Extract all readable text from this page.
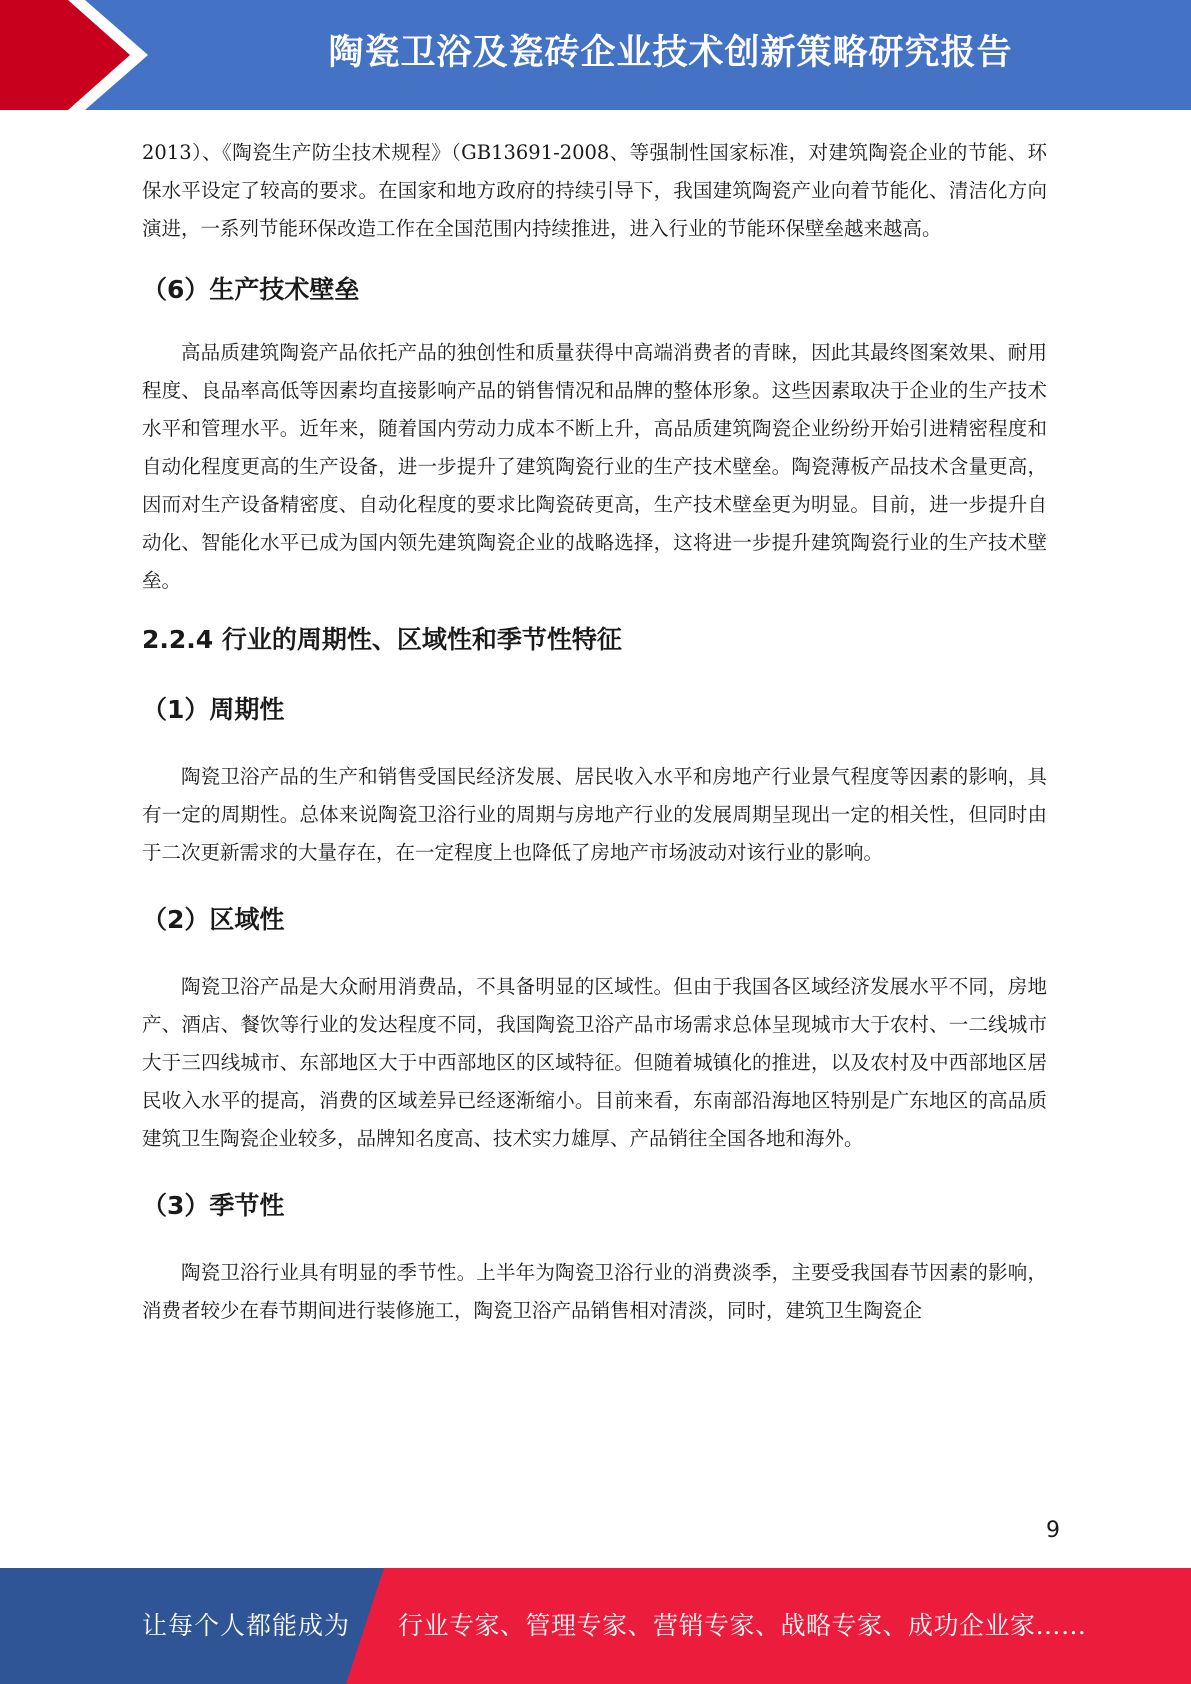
陶瓷卫浴及瓷砖企业技术创新策略研究报告

2013）、《陶瓷生产防尘技术规程》（GB13691-2008、等强制性国家标准，对建筑陶瓷企业的节能、环保水平设定了较高的要求。在国家和地方政府的持续引导下，我国建筑陶瓷产业向着节能化、清洁化方向演进，一系列节能环保改造工作在全国范围内持续推进，进入行业的节能环保壁垒越来越高。

（6）生产技术壁垒

高品质建筑陶瓷产品依托产品的独创性和质量获得中高端消费者的青睐，因此其最终图案效果、耐用程度、良品率高低等因素均直接影响产品的销售情况和品牌的整体形象。这些因素取决于企业的生产技术水平和管理水平。近年来，随着国内劳动力成本不断上升，高品质建筑陶瓷企业纷纷开始引进精密程度和自动化程度更高的生产设备，进一步提升了建筑陶瓷行业的生产技术壁垒。陶瓷薄板产品技术含量更高，因而对生产设备精密度、自动化程度的要求比陶瓷砖更高，生产技术壁垒更为明显。目前，进一步提升自动化、智能化水平已成为国内领先建筑陶瓷企业的战略选择，这将进一步提升建筑陶瓷行业的生产技术壁垒。

2.2.4 行业的周期性、区域性和季节性特征
（1）周期性

陶瓷卫浴产品的生产和销售受国民经济发展、居民收入水平和房地产行业景气程度等因素的影响，具有一定的周期性。总体来说陶瓷卫浴行业的周期与房地产行业的发展周期呈现出一定的相关性，但同时由于二次更新需求的大量存在，在一定程度上也降低了房地产市场波动对该行业的影响。

（2）区域性

陶瓷卫浴产品是大众耐用消费品，不具备明显的区域性。但由于我国各区域经济发展水平不同，房地产、酒店、餐饮等行业的发达程度不同，我国陶瓷卫浴产品市场需求总体呈现城市大于农村、一二线城市大于三四线城市、东部地区大于中西部地区的区域特征。但随着城镇化的推进，以及农村及中西部地区居民收入水平的提高，消费的区域差异已经逐渐缩小。目前来看，东南部沿海地区特别是广东地区的高品质建筑卫生陶瓷企业较多，品牌知名度高、技术实力雄厚、产品销往全国各地和海外。

（3）季节性

陶瓷卫浴行业具有明显的季节性。上半年为陶瓷卫浴行业的消费淡季，主要受我国春节因素的影响，消费者较少在春节期间进行装修施工，陶瓷卫浴产品销售相对清淡，同时，建筑卫生陶瓷企

9
让每个人都能成为 行业专家、管理专家、营销专家、战略专家、成功企业家……
